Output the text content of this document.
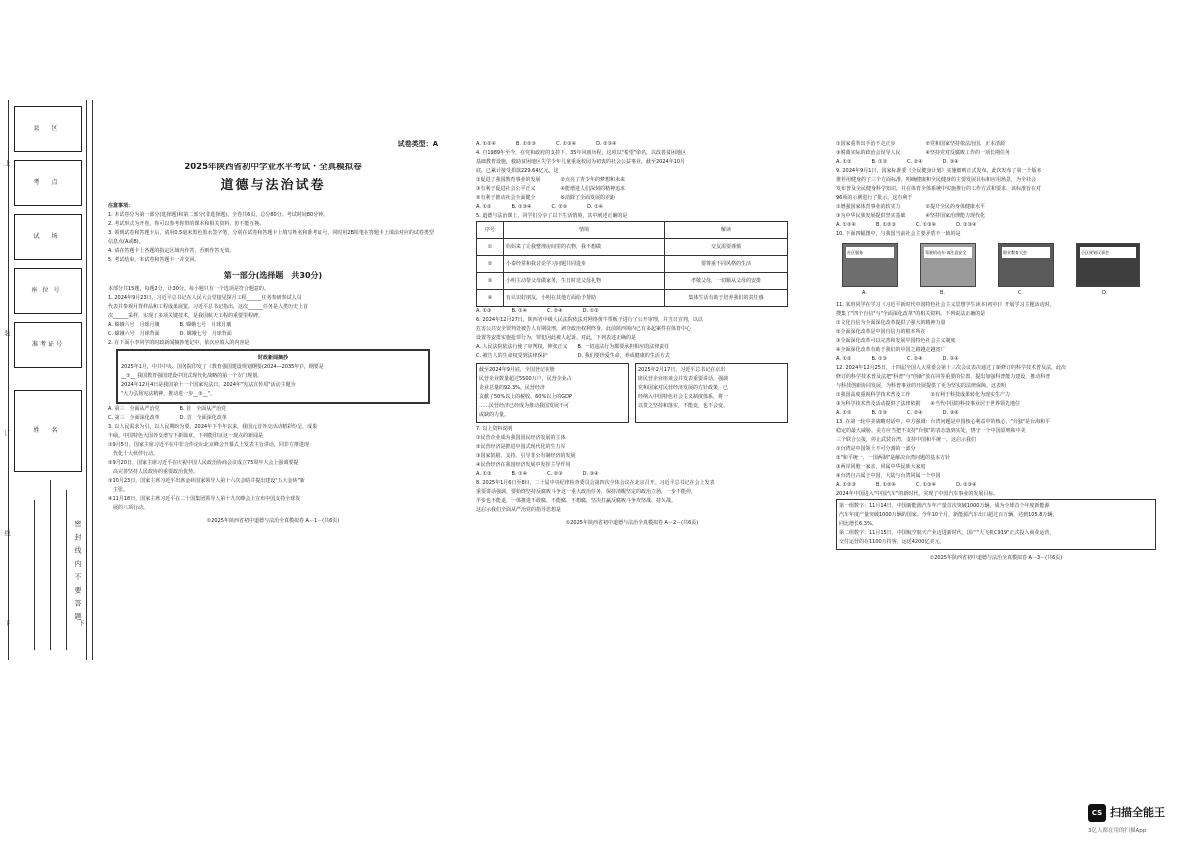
上
下	下
密 封 线 内 不 要 答 题
装
订
线
县 区
考 点
试 场
座位号
准考证号
姓 名

试卷类型：A

2025年陕西省初中学业水平考试 · 全真模拟卷

道德与法治试卷

注意事项：

1. 本试卷分为第一部分(选择题)和第二部分(非选择题)。全卷共6页，总分80分。考试时间80分钟。

2. 考试形式为开卷。你可以参考你带的课本和相关资料，但不能互换。

3. 领到试卷和答题卡后，请用0.5毫米黑色墨水签字笔，分别在试卷和答题卡上填写姓名和准考证号，同时用2B铅笔在答题卡上填涂对应的试卷类型信息点(A或B)。

4. 请在答题卡上各题的指定区域内作答，否则作答无效。

5. 考试结束，本试卷和答题卡一并交回。

第一部分(选择题　共30分)

本部分共15题，每题2分，计30分。每小题只有一个选项是符合题意的。

1. 2024年9月23日，习近平总书记在人民大会堂接见探月工程______任务参研参试人员

代表并参观月背样品和工程成果展览。习近平总书记指出，这次______任务是人类历史上首

次______采样，实现了多项关键技术，是我国航天工程的重要里程碑。

A. 嫦娥六号　月球月壤　　　　B. 嫦娥七号　月球月壤

C. 嫦娥六号　月球背面　　　　D. 嫦娥七号　月球背面

2. 在下面小李同学的时政新闻摘抄笔记中，依次应填入的内容是

时政新闻摘抄

2025年1月，中共中央、国务院印发了《教育强国建设规划纲要(2024—2035年)》，纲要是

__①__ 我国教育强国建设中国式现代化战略的第一个专门规划。

2024年12月4日是我国第十一个国家宪法日，2024年"宪法宣传周"活动主题为

"大力弘扬宪法精神，推动进一步__②__"。

A. 第三　全面从严治党　　　　B. 首　全面从严治党

C. 第三　全面深化改革　　　　D. 首　全面深化改革

3. 以人民需求为引，以人民期盼为要。2024年下半年以来，我国元首外交活动精彩纷呈，成果

丰硕。中国特色大国外交谱写下新篇章。下列能印证这一观点的新闻是

①9月5日，国家主席习近平在中非合作论坛北京峰会开幕式上发表主旨讲话，同非方推进现

　代化十大伙伴行动。

②9月20日，国家主席习近平在庆祝中国人民政治协商会议成立75周年大会上强调要提

　高完善坚持人民政协的重要政治优势。

③10月23日，国家主席习近平出席金砖国家领导人第十六次会晤并提出建设"五大金砖"新

　主张。

④11月18日，国家主席习近平在二十国集团领导人第十九次峰会上宣布中国支持全球发

　展的八项行动。

①2025年陕西省初中道德与法治全真模拟卷 A－1－(共6页)

A. ①②④　　　　B. ①②③　　　　C. ①③④　　　　D. ②③④

4. 自1989年至今，在党和政府的支持下，35年风雨历程，这项以"希望"命名，以改善贫困地区

基础教育设施，救助贫困地区失学少年儿童重返校园为初衷的社会公益事业，截至2024年10月

底，已累计接受捐款229.64亿元。这

①促进了我国教育事业的发展　　　　②点亮了青少年的梦想和未来

③有利于促进社会公平正义　　　　　④能增进人们深刻的精神追求

⑤有利于推动社会全面健全　　　　　⑥消除了全面发展的差距

A. ①②　　　　B. ①③④　　　　C. ②③　　　　D. ①④

5. 道德与法治课上，同学们分享了以下生活情境，其中阐述正确的是

序号	情境	解读
①	妈妈来了让我整理房间里的衣物，我不想做	交友需要谨慎
②	小泰经常和我讨论学习问题共同进步	要尊重不同风格的生活
③	小明主动帮父母做家务，生日时送父母礼物	孝敬父母，一切顺从父母的安排
④	有认识好朋友，小明在其他方面给予帮助	集体生活有助于培养我们的责任感

A. ①③　　　　B. ①④　　　　C. ②④　　　　D. ①②

6. 2024年12月27日，陕西省中级人民法院依法对网络黄牛票贩子进行了公开审理，并当日宣判，以以

危害公共安全罪判处被告人有期徒刑，剥夺政治权利终身，此前陕西境内已有多起案件在体育中心

设置等安排实施抢票行为，罪犯因此被人起诉。对此，下列表述正确的是

A. 人民法院依法行使了审判权，伸张正义　　B. 一切违法行为都要承担相应的法律责任

C. 被告人的生命权受到法律保护　　　　　　D. 我们要珍爱生命，养成健康的生活方式

截至2024年9月底，全国登记在册

民营企业数量超过5500万户，民营企业占

企业总量的92.3%。民营经济

贡献了50%以上的税收、60%以上的GDP

……民营经济已经成为推动我国发展不可

或缺的力量。

2025年2月17日，习近平总书记在京出

席民营企业座谈会并发表重要讲话，强调

党和国家对民营经济发展的方针政策，已

经纳入中国特色社会主义制度体系，将一

以贯之坚持和落实，不能变，也不会变。

7. 以上资料说明

①民营企业成为我国国民经济发展的主体

②民营经济是推进中国式现代化的生力军

③国家鼓励、支持、引导非公有制经济的发展

④民营经济在我国经济发展中发挥主导作用

A. ①③　　　　B. ①④　　　　C. ②③　　　　D. ③④

8. 2025年1月6日至8日，二十届中央纪律检查委员会第四次全体会议在北京召开。习近平总书记在会上发表

重要讲话强调，要始终坚持反腐败斗争这一重大政治任务，保持清醒坚定的政治立场，一步不能停，

半步也不能退，一体推进不敢腐、不能腐、不想腐，坚决打赢反腐败斗争攻坚战、持久战。

这启示我们全面从严治党的指导思想是

①2025年陕西省初中道德与法治全真模拟卷 A－2－(共6页)

①国家重拳出手治不走正步　　　　　　②党和国家坚持依法治国，正本清源

③脱离实际的政治会误导人民　　　　　④坚持党对反腐败工作的一项长期任务

A. ①②　　　　B. ①③　　　　C. ②④　　　　D. ③④

9. 2024年9月1日，国家标准委《全民健身计划》实施细则正式发布。此次发布了第一个版本

推荐用健身的了三个方面标准，明确健康和全民健身的主要发展目标和应用场景，为全社会

发布普及全民健身科学知识，并在体育全体系统中实施推行的工作方式和要求，该标准旨在对

96项的示例进行了批示。这有利于

①增强国家体育事业的软实力　　　　　②提升全民的身体健康水平

③为中华民族发展提供坚实基础　　　　④坚持国家治理能力现代化

A. ①②④　　　　B. ①②③　　　　C. ①③④　　　　D. ②③④

10. 下面四幅图中，与我国当前社会主要矛盾不一致的是

社区服务	驾驶机动车·请注意安全	职业教育大会	小区规划议事会
A.	B.	C.	D.

11. 某班同学在学习《习近平新时代中国特色社会主义思想学生读本(初中)》开展学习主题活动时，

搜集了"四个自信"与"全面深化改革"的相关资料。下列说法正确的是

①文化自信为全面深化改革提供了强大的精神力量

②全面深化改革是中国自信力的根本所在

③全面深化改革可以完善和发展中国特色社会主义制度

④全面深化改革有助于我们的中国之路越走越宽广

A. ①②　　　　B. ①③　　　　C. ②④　　　　D. ③④

12. 2024年12月25日，十四届全国人大常委会第十三次会议表决通过了新修订的科学技术普及法，此次

修订的科学技术普及法把"科普"与"创新"放在同等重要的位置，提出加强科普能力建设，推动科普

与科技创新协同发展，为科普事业的开展提供了更为坚实的法律保障。这表明

①我国高度重视科学技术普及工作　　　　②有利于科技成果转化为现实生产力

③为科学技术普及活动提供了法律依据　　④当代中国的科技事业居于世界领先地位

A. ①②　　　　B. ①③　　　　C. ②④　　　　D. ③④

13. 在第一轮中美战略对话中，中方强调：台湾问题是中国核心利益中的核心，"台独"是台海和平

稳定的最大威胁。美方应当把不支持"台独"的表态落到实处，恪守一个中国原则和中美

三个联合公报，停止武装台湾，支持中国和平统一。这启示我们

①台湾是中国领土不可分割的一部分

②"和平统一、一国两制"是解决台湾问题的基本方针

③两岸同胞一家亲，同属中华民族大家庭

④台湾自古属于中国，大陆与台湾同属一个中国

A. ①②③　　　　B. ①②④　　　　C. ①③④　　　　D. ②③④

2024年中国进入"中国汽车"的新时代，实现了中国汽车事业的发展目标。

第一组数字：11月14日，中国新能源汽车年产量首次突破1000万辆，成为全球首个年度新能源

汽车年度产量突破1000万辆的国家。今年10个月，新能源汽车出口超过百万辆，达到105.8万辆，

同比增长6.3%。

第二组数字：11月15日，中国航空航天产业迈进新时代，国产"大飞机C919"正式投入商业运营，

交付运营的在1100万持客，运送4200亿美元。

①2025年陕西省初中道德与法治全真模拟卷 A－3－(共6页)

CS 扫描全能王
3亿人都在用的扫描App
